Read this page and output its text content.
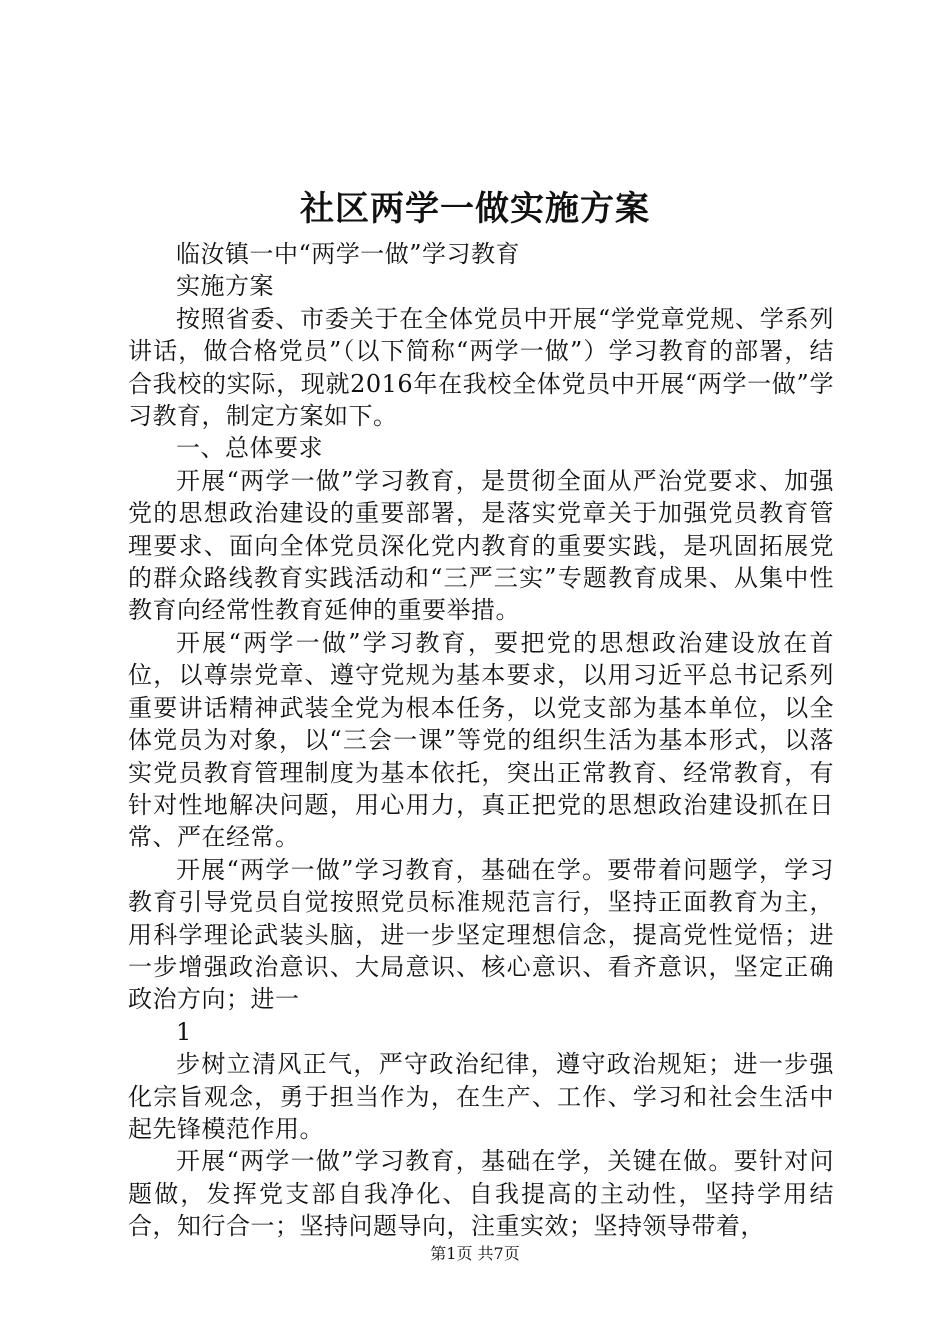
社区两学一做实施方案

临汝镇一中“两学一做”学习教育

实施方案

按照省委、市委关于在全体党员中开展“学党章党规、学系列讲话，做合格党员”（以下简称“两学一做”）学习教育的部署，结合我校的实际，现就2016年在我校全体党员中开展“两学一做”学习教育，制定方案如下。

一、总体要求

开展“两学一做”学习教育，是贯彻全面从严治党要求、加强党的思想政治建设的重要部署，是落实党章关于加强党员教育管理要求、面向全体党员深化党内教育的重要实践，是巩固拓展党的群众路线教育实践活动和“三严三实”专题教育成果、从集中性教育向经常性教育延伸的重要举措。

开展“两学一做”学习教育，要把党的思想政治建设放在首位，以尊崇党章、遵守党规为基本要求，以用习近平总书记系列重要讲话精神武装全党为根本任务，以党支部为基本单位，以全体党员为对象，以“三会一课”等党的组织生活为基本形式，以落实党员教育管理制度为基本依托，突出正常教育、经常教育，有针对性地解决问题，用心用力，真正把党的思想政治建设抓在日常、严在经常。

开展“两学一做”学习教育，基础在学。要带着问题学，学习教育引导党员自觉按照党员标准规范言行，坚持正面教育为主，用科学理论武装头脑，进一步坚定理想信念，提高党性觉悟；进一步增强政治意识、大局意识、核心意识、看齐意识，坚定正确政治方向；进一

1

步树立清风正气，严守政治纪律，遵守政治规矩；进一步强化宗旨观念，勇于担当作为，在生产、工作、学习和社会生活中起先锋模范作用。

开展“两学一做”学习教育，基础在学，关键在做。要针对问题做，发挥党支部自我净化、自我提高的主动性，坚持学用结合，知行合一；坚持问题导向，注重实效；坚持领导带着，

第1页 共7页
